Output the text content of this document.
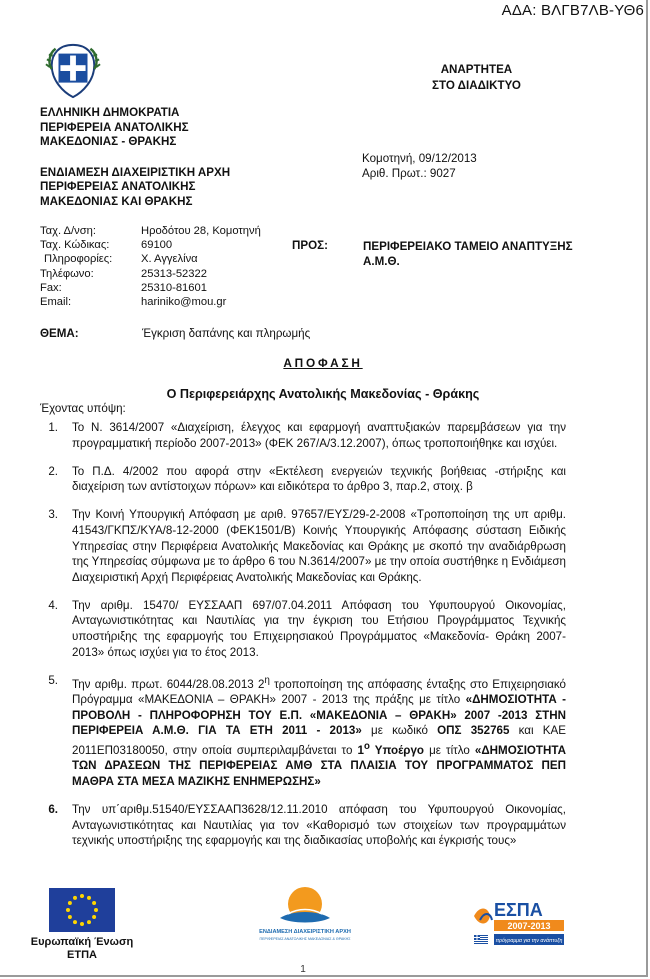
ΑΔΑ: ΒΛΓΒ7ΛΒ-ΥΘ6
ΕΛΛΗΝΙΚΗ ΔΗΜΟΚΡΑΤΙΑ
ΠΕΡΙΦΕΡΕΙΑ ΑΝΑΤΟΛΙΚΗΣ
ΜΑΚΕΔΟΝΙΑΣ - ΘΡΑΚΗΣ
ΕΝΔΙΑΜΕΣΗ ΔΙΑΧΕΙΡΙΣΤΙΚΗ ΑΡΧΗ
ΠΕΡΙΦΕΡΕΙΑΣ ΑΝΑΤΟΛΙΚΗΣ
ΜΑΚΕΔΟΝΙΑΣ ΚΑΙ ΘΡΑΚΗΣ
ΑΝΑΡΤΗΤΕΑ
ΣΤΟ ΔΙΑΔΙΚΤΥΟ
Κομοτηνή, 09/12/2013
Αριθ. Πρωτ.: 9027
Ταχ. Δ/νση:	Ηροδότου 28, Κομοτηνή
Ταχ. Κώδικας:	69100
Πληροφορίες:	Χ. Αγγελίνα
Τηλέφωνο:	25313-52322
Fax:	25310-81601
Email:	hariniko@mou.gr
ΠΡΟΣ:	ΠΕΡΙΦΕΡΕΙΑΚΟ ΤΑΜΕΙΟ ΑΝΑΠΤΥΞΗΣ
Α.Μ.Θ.
ΘΕΜΑ:	Έγκριση δαπάνης και πληρωμής
ΑΠΟΦΑΣΗ
Ο Περιφερειάρχης Ανατολικής Μακεδονίας - Θράκης
Έχοντας υπόψη:
1.	Το Ν. 3614/2007 «Διαχείριση, έλεγχος και εφαρμογή αναπτυξιακών παρεμβάσεων για την προγραμματική περίοδο 2007-2013» (ΦΕΚ 267/Α/3.12.2007), όπως τροποποιήθηκε και ισχύει.
2.	Το Π.Δ. 4/2002 που αφορά στην «Εκτέλεση ενεργειών τεχνικής βοήθειας -στήριξης και διαχείριση των αντίστοιχων πόρων» και ειδικότερα το άρθρο 3, παρ.2, στοιχ. β
3.	Την Κοινή Υπουργική Απόφαση με αριθ. 97657/ΕΥΣ/29-2-2008 «Τροποποίηση της υπ αριθμ. 41543/ΓΚΠΣ/ΚΥΑ/8-12-2000 (ΦΕΚ1501/Β) Κοινής Υπουργικής Απόφασης σύσταση Ειδικής Υπηρεσίας στην Περιφέρεια Ανατολικής Μακεδονίας και Θράκης με σκοπό την αναδιάρθρωση της Υπηρεσίας σύμφωνα με το άρθρο 6 του Ν.3614/2007» με την οποία συστήθηκε η Ενδιάμεση Διαχειριστική Αρχή Περιφέρειας Ανατολικής Μακεδονίας και Θράκης.
4.	Την αριθμ. 15470/ ΕΥΣΣΑΑΠ 697/07.04.2011 Απόφαση του Υφυπουργού Οικονομίας, Ανταγωνιστικότητας και Ναυτιλίας για την έγκριση του Ετήσιου Προγράμματος Τεχνικής υποστήριξης της εφαρμογής του Επιχειρησιακού Προγράμματος «Μακεδονία- Θράκη 2007-2013» όπως ισχύει για το έτος 2013.
5.	Την αριθμ. πρωτ. 6044/28.08.2013 $2^\eta$ τροποποίηση της απόφασης ένταξης στο Επιχειρησιακό Πρόγραμμα «ΜΑΚΕΔΟΝΙΑ – ΘΡΑΚΗ» 2007 - 2013 της πράξης με τίτλο «ΔΗΜΟΣΙΟΤΗΤΑ - ΠΡΟΒΟΛΗ - ΠΛΗΡΟΦΟΡΗΣΗ ΤΟΥ Ε.Π. «ΜΑΚΕΔΟΝΙΑ – ΘΡΑΚΗ» 2007 -2013 ΣΤΗΝ ΠΕΡΙΦΕΡΕΙΑ Α.Μ.Θ. ΓΙΑ ΤΑ ΕΤΗ 2011 - 2013» με κωδικό ΟΠΣ 352765 και ΚΑΕ 2011ΕΠ03180050, στην οποία συμπεριλαμβάνεται το $1^o$ Υποέργο με τίτλο «ΔΗΜΟΣΙΟΤΗΤΑ ΤΩΝ ΔΡΑΣΕΩΝ ΤΗΣ ΠΕΡΙΦΕΡΕΙΑΣ ΑΜΘ ΣΤΑ ΠΛΑΙΣΙΑ ΤΟΥ ΠΡΟΓΡΑΜΜΑΤΟΣ ΠΕΠ ΜΑΘΡΑ ΣΤΑ ΜΕΣΑ ΜΑΖΙΚΗΣ ΕΝΗΜΕΡΩΣΗΣ»
6.	Την υπ΄αριθμ.51540/ΕΥΣΣΑΑΠ3628/12.11.2010 απόφαση του Υφυπουργού Οικονομίας, Ανταγωνιστικότητας και Ναυτιλίας για τον «Καθορισμό των στοιχείων των προγραμμάτων τεχνικής υποστήριξης της εφαρμογής και της διαδικασίας υποβολής και έγκρισής τους»
Ευρωπαϊκή Ένωση
ΕΤΠΑ
ΕΝΔΙΑΜΕΣΗ ΔΙΑΧΕΙΡΙΣΤΙΚΗ ΑΡΧΗ
ΠΕΡΙΦΕΡΕΙΑΣ ΑΝΑΤΟΛΙΚΗΣ ΜΑΚΕΔΟΝΙΑΣ & ΘΡΑΚΗΣ
ΕΣΠΑ
2007-2013
πρόγραμμα για την ανάπτυξη
1
